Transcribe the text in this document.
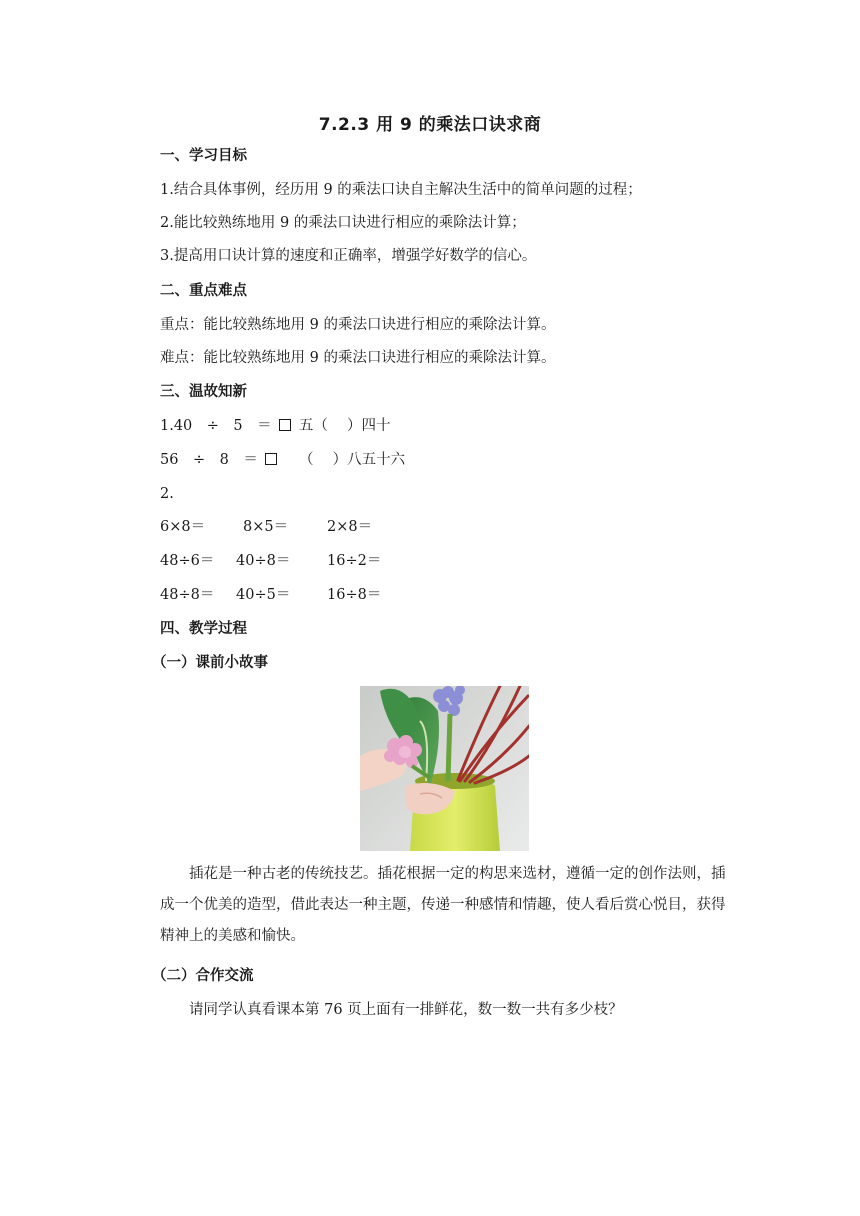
7.2.3 用 9 的乘法口诀求商
一、学习目标
1.结合具体事例，经历用 9 的乘法口诀自主解决生活中的简单问题的过程；
2.能比较熟练地用 9 的乘法口诀进行相应的乘除法计算；
3.提高用口诀计算的速度和正确率，增强学好数学的信心。
二、重点难点
重点：能比较熟练地用 9 的乘法口诀进行相应的乘除法计算。
难点：能比较熟练地用 9 的乘法口诀进行相应的乘除法计算。
三、温故知新
1.40　÷　5　＝ 五（　 ）四十
56　÷　8　＝	（　 ）八五十六
2.
6×8＝	8×5＝	2×8＝
48÷6＝ 40÷8＝	16÷2＝
48÷8＝ 40÷5＝	16÷8＝
四、教学过程
（一）课前小故事
插花是一种古老的传统技艺。插花根据一定的构思来选材，遵循一定的创作法则，插成一个优美的造型，借此表达一种主题，传递一种感情和情趣，使人看后赏心悦目，获得精神上的美感和愉快。
（二）合作交流
请同学认真看课本第 76 页上面有一排鲜花，数一数一共有多少枝？
